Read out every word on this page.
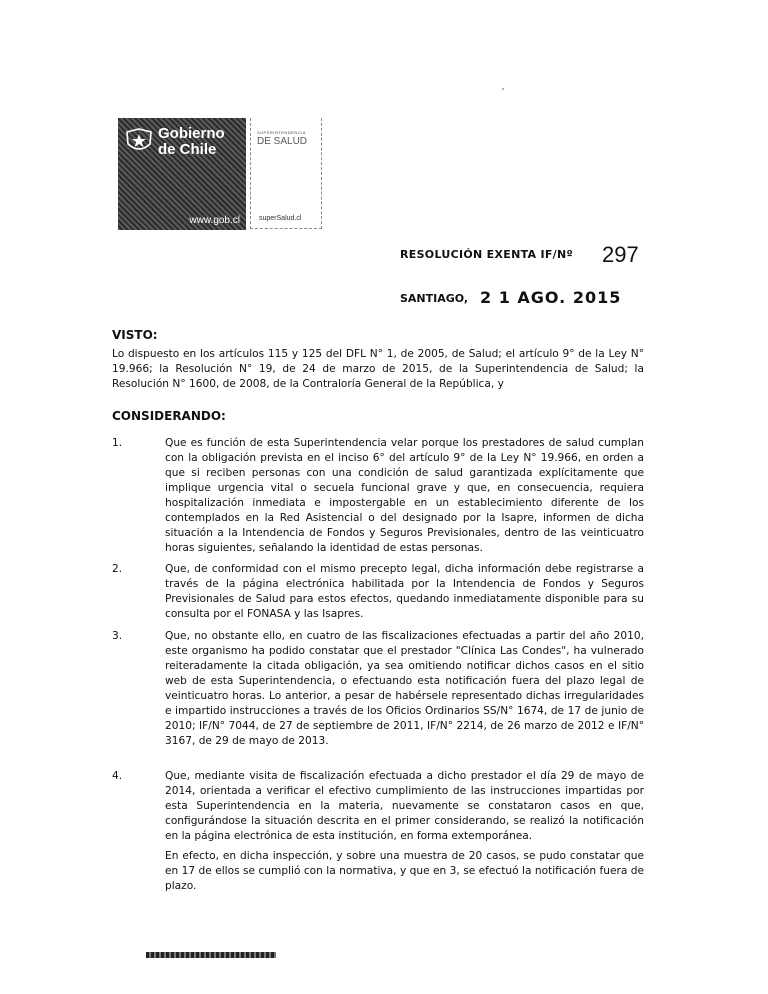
Gobierno de Chile
www.gob.cl
SUPERINTENDENCIA
DE SALUD
superSalud.cl
RESOLUCIÓN EXENTA IF/Nº 297
SANTIAGO, 2 1 AGO. 2015
VISTO:

Lo dispuesto en los artículos 115 y 125 del DFL N° 1, de 2005, de Salud; el artículo 9° de la Ley N° 19.966; la Resolución N° 19, de 24 de marzo de 2015, de la Superintendencia de Salud; la Resolución N° 1600, de 2008, de la Contraloría General de la República, y

CONSIDERANDO:
1.	Que es función de esta Superintendencia velar porque los prestadores de salud cumplan con la obligación prevista en el inciso 6° del artículo 9° de la Ley N° 19.966, en orden a que si reciben personas con una condición de salud garantizada explícitamente que implique urgencia vital o secuela funcional grave y que, en consecuencia, requiera hospitalización inmediata e impostergable en un establecimiento diferente de los contemplados en la Red Asistencial o del designado por la Isapre, informen de dicha situación a la Intendencia de Fondos y Seguros Previsionales, dentro de las veinticuatro horas siguientes, señalando la identidad de estas personas.

2.	Que, de conformidad con el mismo precepto legal, dicha información debe registrarse a través de la página electrónica habilitada por la Intendencia de Fondos y Seguros Previsionales de Salud para estos efectos, quedando inmediatamente disponible para su consulta por el FONASA y las Isapres.

3.	Que, no obstante ello, en cuatro de las fiscalizaciones efectuadas a partir del año 2010, este organismo ha podido constatar que el prestador "Clínica Las Condes", ha vulnerado reiteradamente la citada obligación, ya sea omitiendo notificar dichos casos en el sitio web de esta Superintendencia, o efectuando esta notificación fuera del plazo legal de veinticuatro horas. Lo anterior, a pesar de habérsele representado dichas irregularidades e impartido instrucciones a través de los Oficios Ordinarios SS/N° 1674, de 17 de junio de 2010; IF/N° 7044, de 27 de septiembre de 2011, IF/N° 2214, de 26 marzo de 2012 e IF/N° 3167, de 29 de mayo de 2013.

4.	Que, mediante visita de fiscalización efectuada a dicho prestador el día 29 de mayo de 2014, orientada a verificar el efectivo cumplimiento de las instrucciones impartidas por esta Superintendencia en la materia, nuevamente se constataron casos en que, configurándose la situación descrita en el primer considerando, se realizó la notificación en la página electrónica de esta institución, en forma extemporánea.

En efecto, en dicha inspección, y sobre una muestra de 20 casos, se pudo constatar que en 17 de ellos se cumplió con la normativa, y que en 3, se efectuó la notificación fuera de plazo.
